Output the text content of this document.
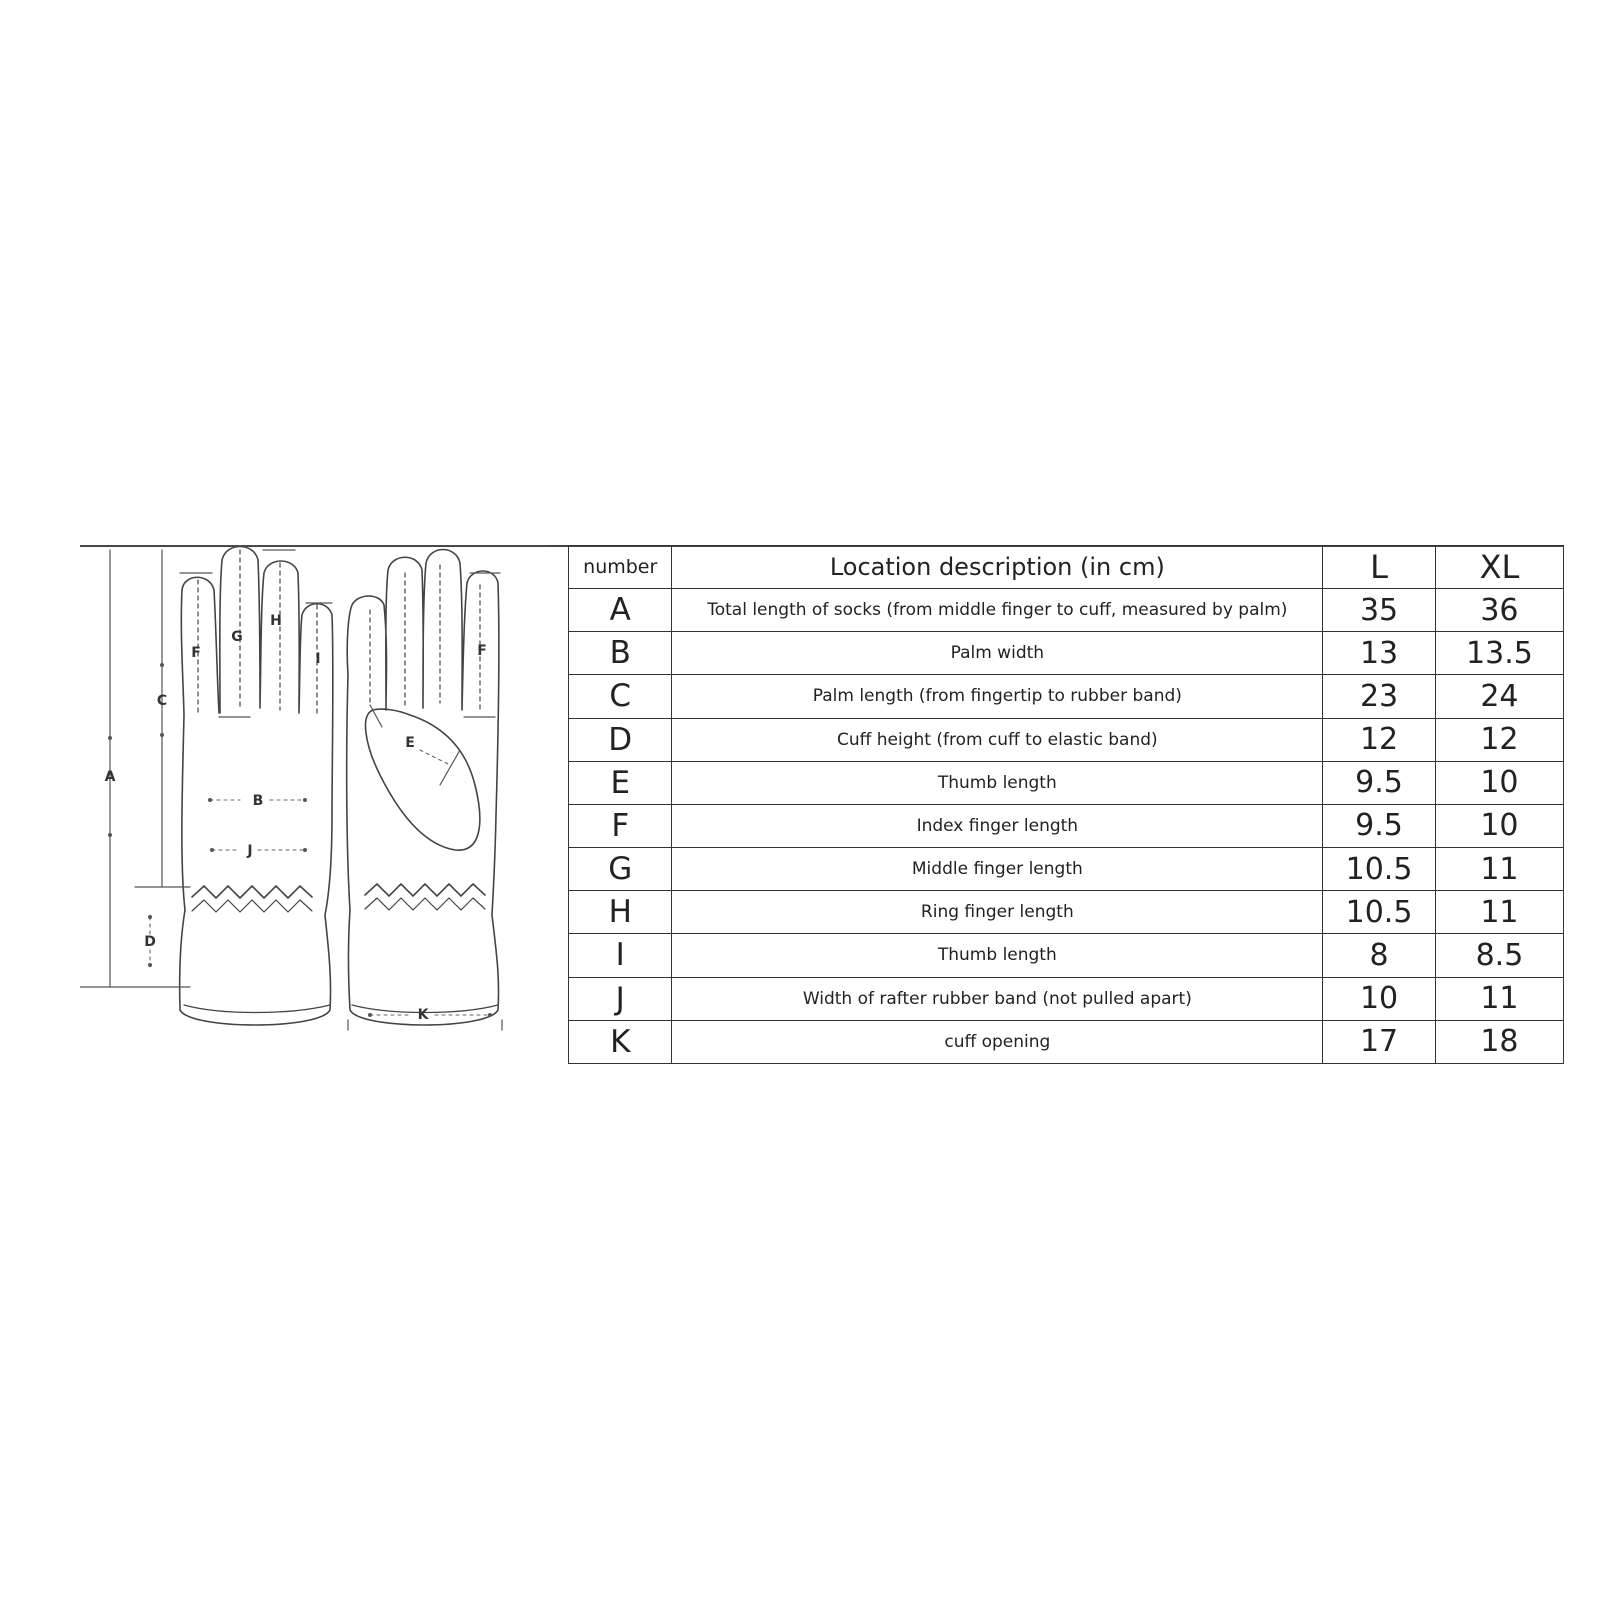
A
B
C
D
E
F	F
G
H
I
J
K
number	Location description (in cm)	L	XL
A	Total length of socks (from middle finger to cuff, measured by palm)	35	36
B	Palm width	13	13.5
C	Palm length (from fingertip to rubber band)	23	24
D	Cuff height (from cuff to elastic band)	12	12
E	Thumb length	9.5	10
F	Index finger length	9.5	10
G	Middle finger length	10.5	11
H	Ring finger length	10.5	11
I	Thumb length	8	8.5
J	Width of rafter rubber band (not pulled apart)	10	11
K	cuff opening	17	18
